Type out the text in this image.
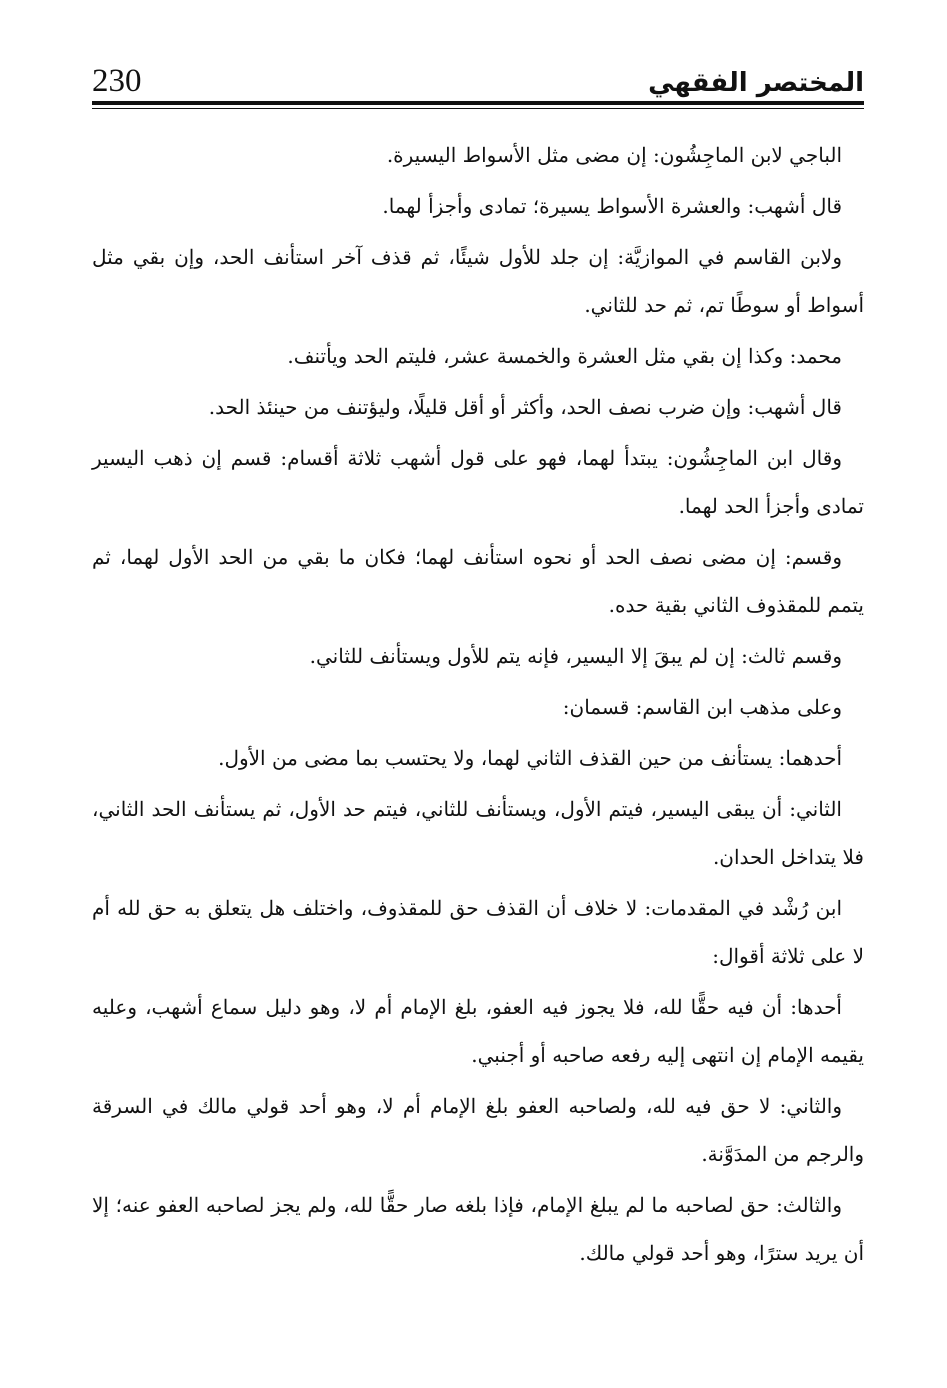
المختصر الفقهي
230

الباجي لابن الماجِشُون: إن مضى مثل الأسواط اليسيرة.

قال أشهب: والعشرة الأسواط يسيرة؛ تمادى وأجزأ لهما.

ولابن القاسم في الموازيَّة: إن جلد للأول شيئًا، ثم قذف آخر استأنف الحد، وإن بقي مثل أسواط أو سوطًا تم، ثم حد للثاني.

محمد: وكذا إن بقي مثل العشرة والخمسة عشر، فليتم الحد ويأتنف.

قال أشهب: وإن ضرب نصف الحد، وأكثر أو أقل قليلًا، وليؤتنف من حينئذ الحد.

وقال ابن الماجِشُون: يبتدأ لهما، فهو على قول أشهب ثلاثة أقسام: قسم إن ذهب اليسير تمادى وأجزأ الحد لهما.

وقسم: إن مضى نصف الحد أو نحوه استأنف لهما؛ فكان ما بقي من الحد الأول لهما، ثم يتمم للمقذوف الثاني بقية حده.

وقسم ثالث: إن لم يبقَ إلا اليسير، فإنه يتم للأول ويستأنف للثاني.

وعلى مذهب ابن القاسم: قسمان:

أحدهما: يستأنف من حين القذف الثاني لهما، ولا يحتسب بما مضى من الأول.

الثاني: أن يبقى اليسير، فيتم الأول، ويستأنف للثاني، فيتم حد الأول، ثم يستأنف الحد الثاني، فلا يتداخل الحدان.

ابن رُشْد في المقدمات: لا خلاف أن القذف حق للمقذوف، واختلف هل يتعلق به حق لله أم لا على ثلاثة أقوال:

أحدها: أن فيه حقًّا لله، فلا يجوز فيه العفو، بلغ الإمام أم لا، وهو دليل سماع أشهب، وعليه يقيمه الإمام إن انتهى إليه رفعه صاحبه أو أجنبي.

والثاني: لا حق فيه لله، ولصاحبه العفو بلغ الإمام أم لا، وهو أحد قولي مالك في السرقة والرجم من المدَوَّنة.

والثالث: حق لصاحبه ما لم يبلغ الإمام، فإذا بلغه صار حقًّا لله، ولم يجز لصاحبه العفو عنه؛ إلا أن يريد سترًا، وهو أحد قولي مالك.
